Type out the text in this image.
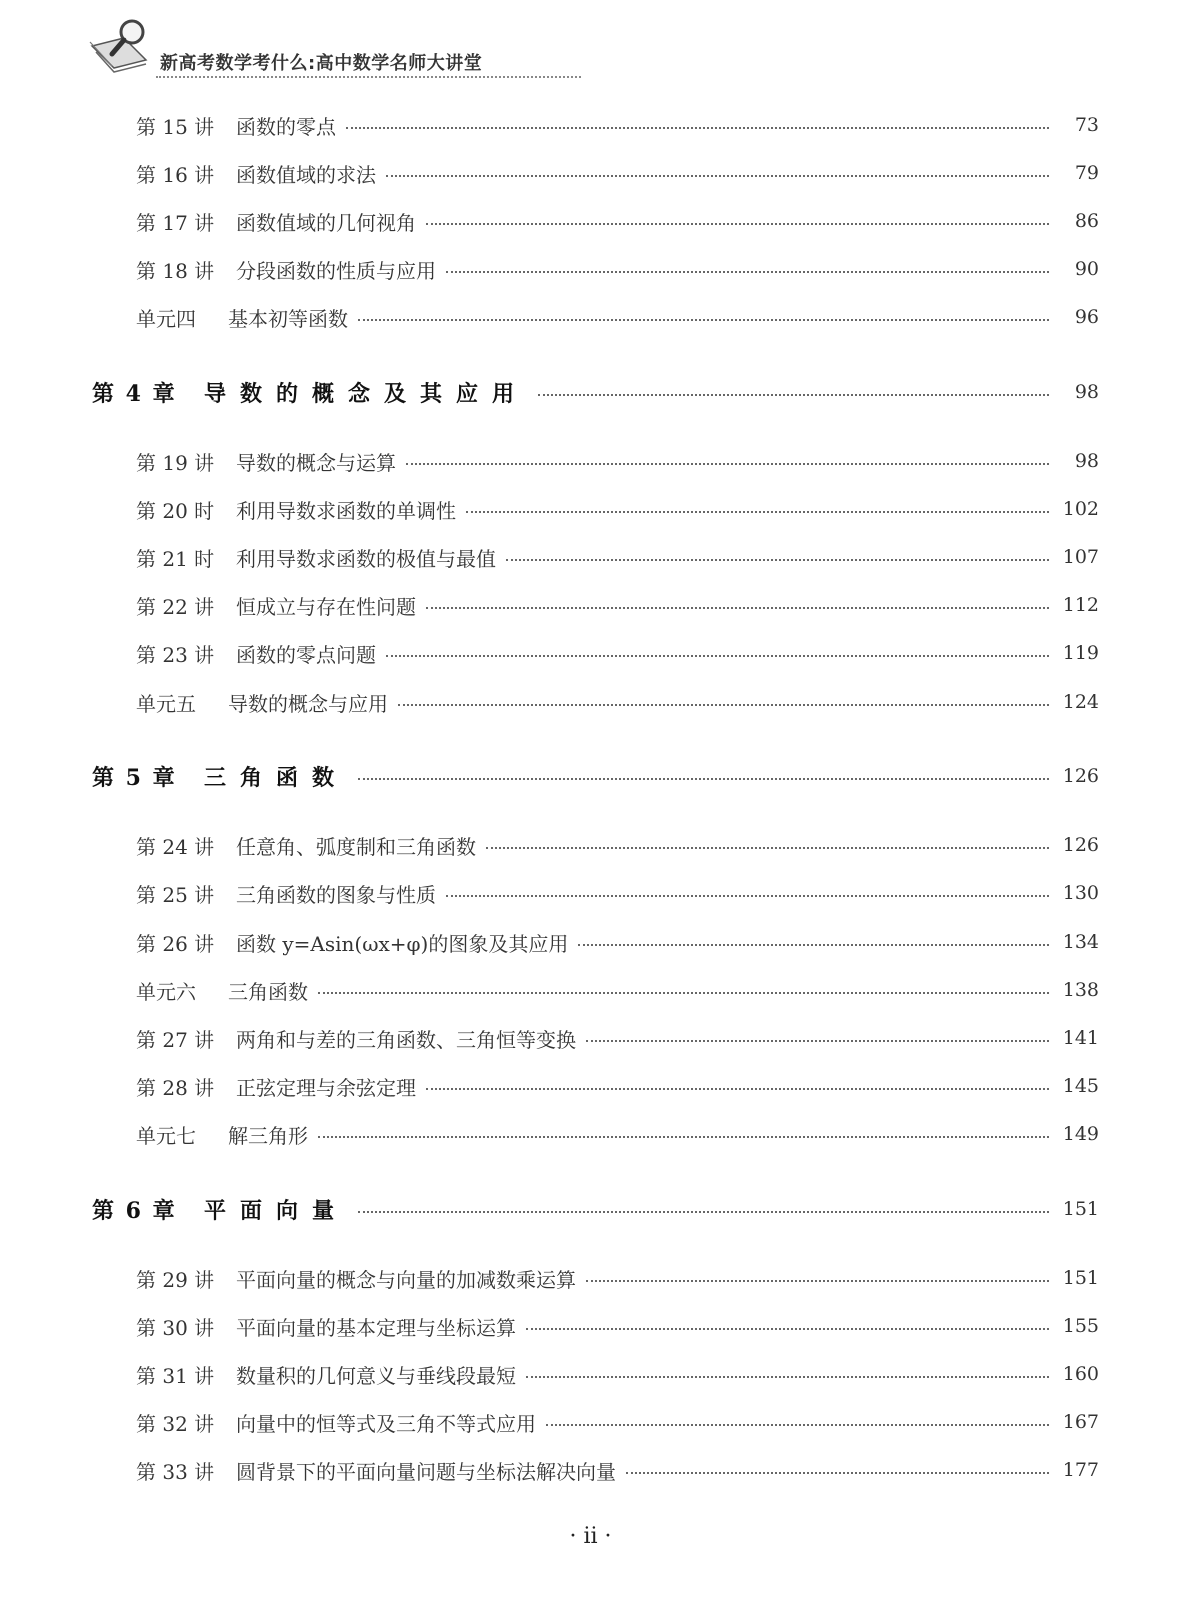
新高考数学考什么:高中数学名师大讲堂
第 15 讲	函数的零点	73
第 16 讲	函数值域的求法	79
第 17 讲	函数值域的几何视角	86
第 18 讲	分段函数的性质与应用	90
单元四	基本初等函数	96
第 4 章	导数的概念及其应用	98
第 19 讲	导数的概念与运算	98
第 20 时	利用导数求函数的单调性	102
第 21 时	利用导数求函数的极值与最值	107
第 22 讲	恒成立与存在性问题	112
第 23 讲	函数的零点问题	119
单元五	导数的概念与应用	124
第 5 章	三角函数	126
第 24 讲	任意角、弧度制和三角函数	126
第 25 讲	三角函数的图象与性质	130
第 26 讲	函数 y=Asin(ωx+φ)的图象及其应用	134
单元六	三角函数	138
第 27 讲	两角和与差的三角函数、三角恒等变换	141
第 28 讲	正弦定理与余弦定理	145
单元七	解三角形	149
第 6 章	平面向量	151
第 29 讲	平面向量的概念与向量的加减数乘运算	151
第 30 讲	平面向量的基本定理与坐标运算	155
第 31 讲	数量积的几何意义与垂线段最短	160
第 32 讲	向量中的恒等式及三角不等式应用	167
第 33 讲	圆背景下的平面向量问题与坐标法解决向量	177
· ⅱ ·
